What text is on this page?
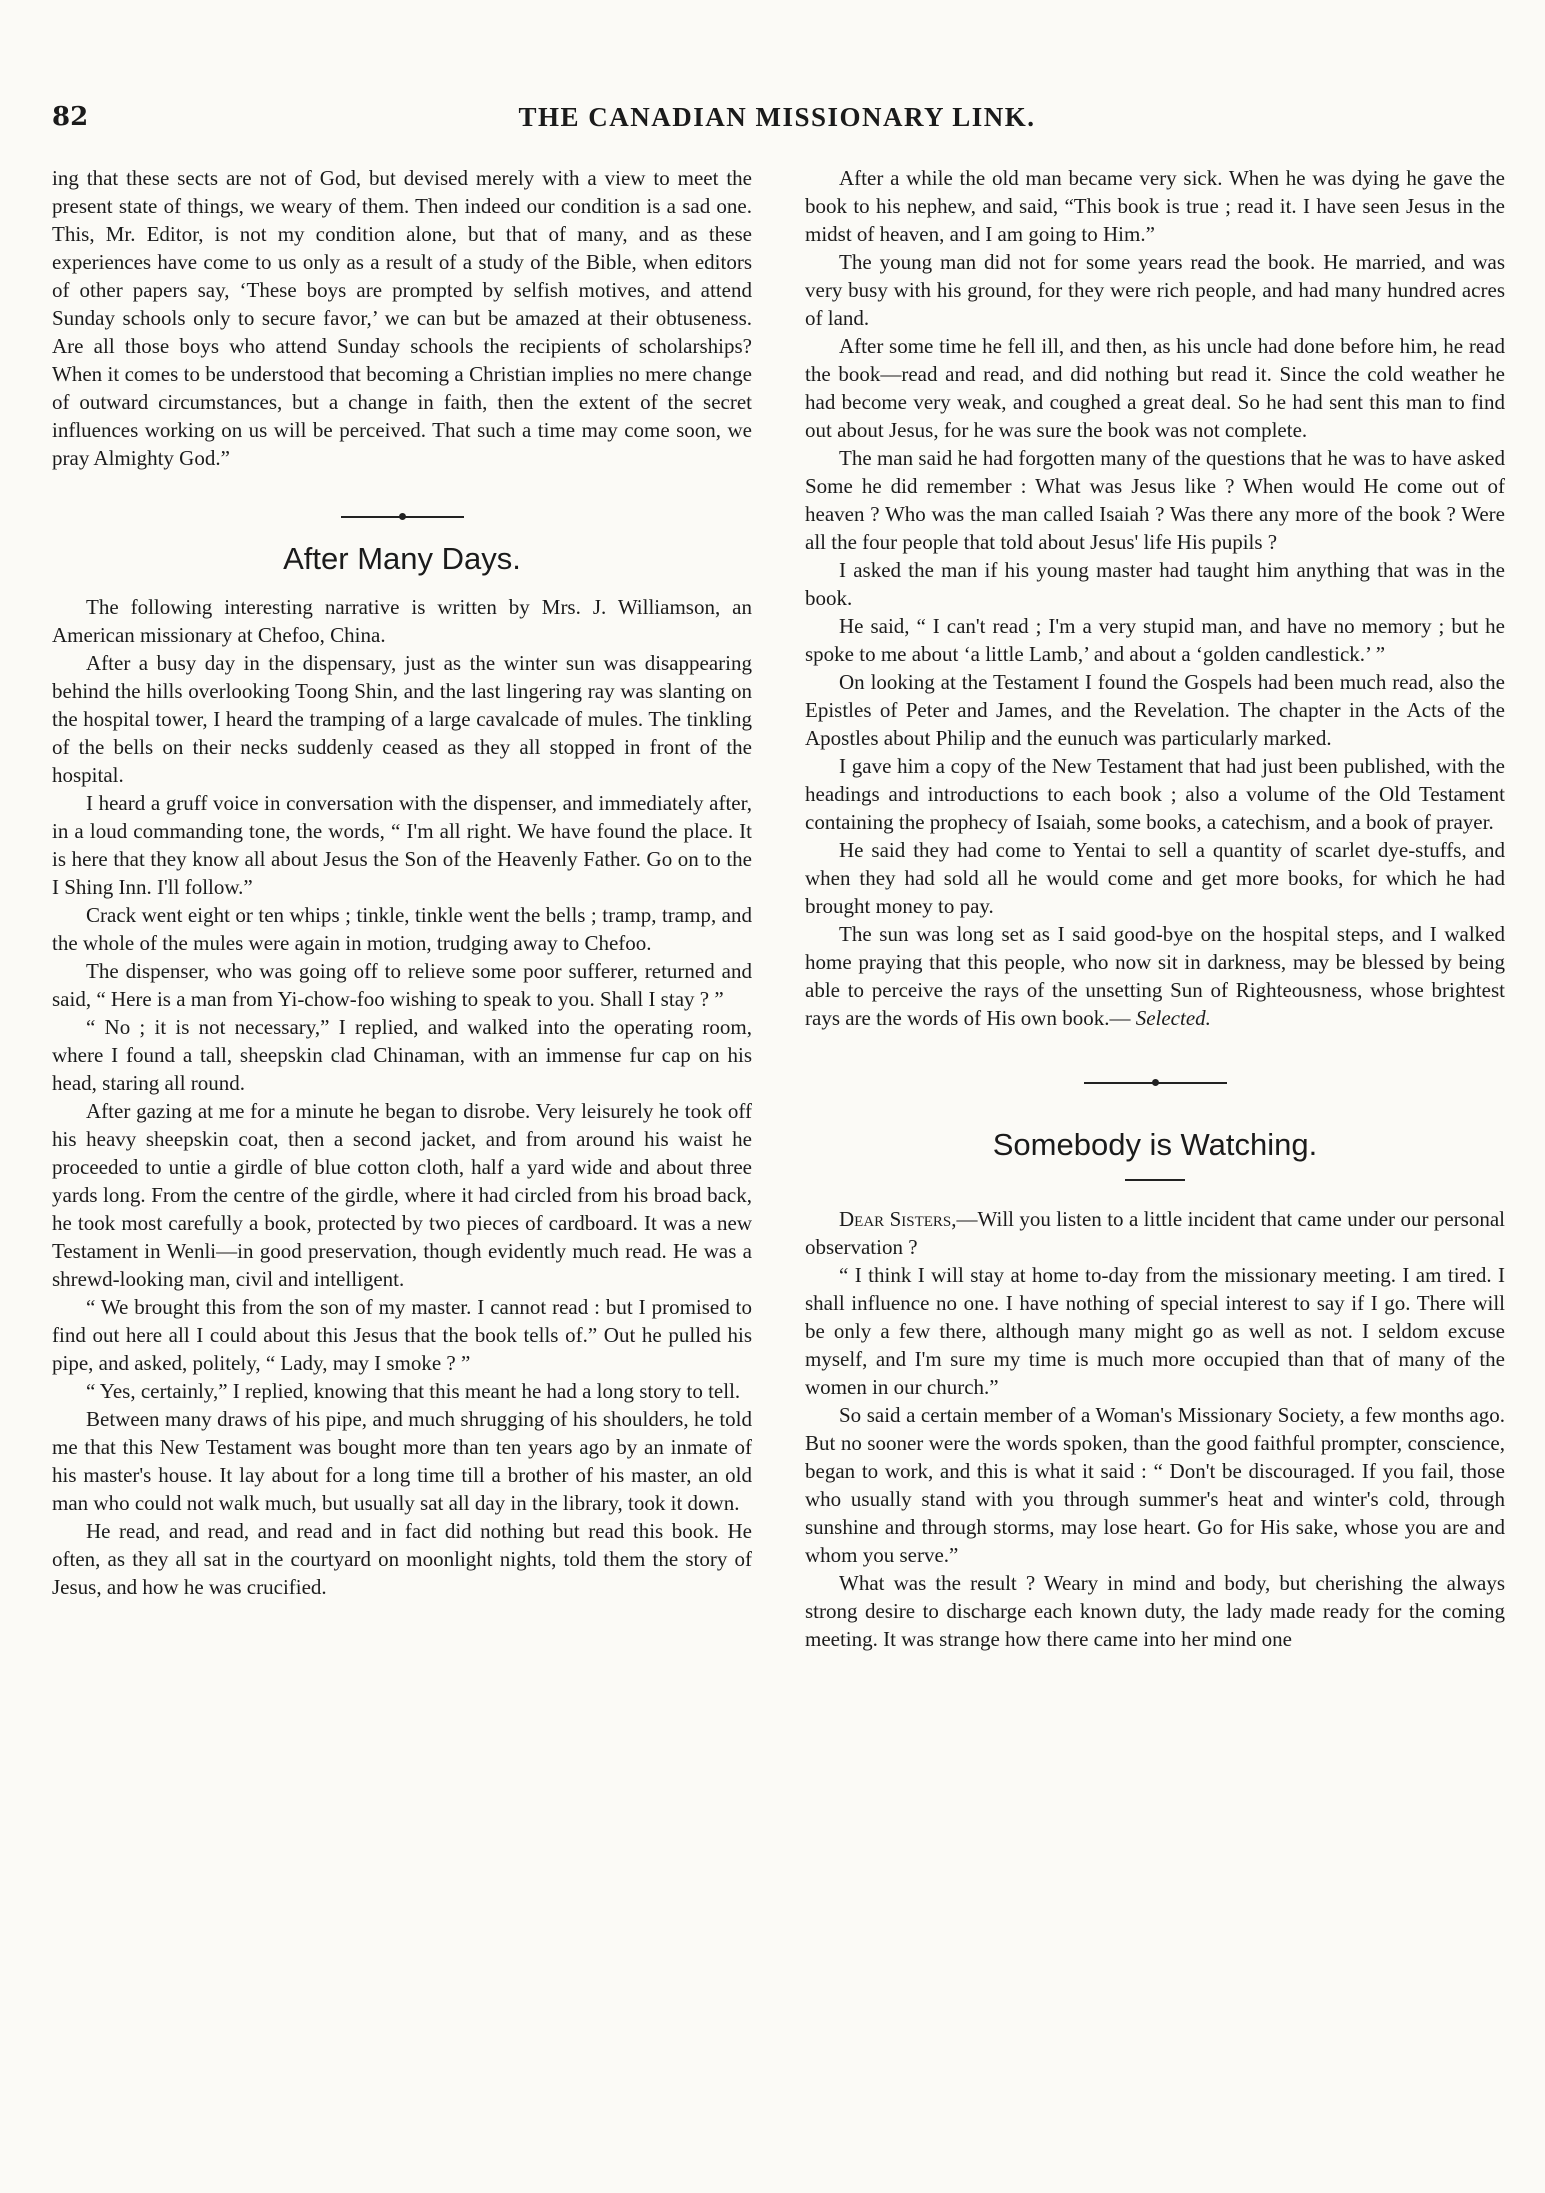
82	THE CANADIAN MISSIONARY LINK.

ing that these sects are not of God, but devised merely with a view to meet the present state of things, we weary of them. Then indeed our condition is a sad one. This, Mr. Editor, is not my condition alone, but that of many, and as these experiences have come to us only as a result of a study of the Bible, when editors of other papers say, ‘These boys are prompted by selfish motives, and attend Sunday schools only to secure favor,’ we can but be amazed at their obtuseness. Are all those boys who attend Sunday schools the recipients of scholarships? When it comes to be understood that becoming a Christian implies no mere change of outward circumstances, but a change in faith, then the extent of the secret influences working on us will be perceived. That such a time may come soon, we pray Almighty God.”

After Many Days.

The following interesting narrative is written by Mrs. J. Williamson, an American missionary at Chefoo, China.

After a busy day in the dispensary, just as the winter sun was disappearing behind the hills overlooking Toong Shin, and the last lingering ray was slanting on the hospital tower, I heard the tramping of a large cavalcade of mules. The tinkling of the bells on their necks suddenly ceased as they all stopped in front of the hospital.

I heard a gruff voice in conversation with the dispenser, and immediately after, in a loud commanding tone, the words, “ I'm all right. We have found the place. It is here that they know all about Jesus the Son of the Heavenly Father. Go on to the I Shing Inn. I'll follow.”

Crack went eight or ten whips ; tinkle, tinkle went the bells ; tramp, tramp, and the whole of the mules were again in motion, trudging away to Chefoo.

The dispenser, who was going off to relieve some poor sufferer, returned and said, “ Here is a man from Yi-chow-foo wishing to speak to you. Shall I stay ? ”

“ No ; it is not necessary,” I replied, and walked into the operating room, where I found a tall, sheepskin clad Chinaman, with an immense fur cap on his head, staring all round.

After gazing at me for a minute he began to disrobe. Very leisurely he took off his heavy sheepskin coat, then a second jacket, and from around his waist he proceeded to untie a girdle of blue cotton cloth, half a yard wide and about three yards long. From the centre of the girdle, where it had circled from his broad back, he took most carefully a book, protected by two pieces of cardboard. It was a new Testament in Wenli—in good preservation, though evidently much read. He was a shrewd-looking man, civil and intelligent.

“ We brought this from the son of my master. I cannot read : but I promised to find out here all I could about this Jesus that the book tells of.” Out he pulled his pipe, and asked, politely, “ Lady, may I smoke ? ”

“ Yes, certainly,” I replied, knowing that this meant he had a long story to tell.

Between many draws of his pipe, and much shrugging of his shoulders, he told me that this New Testament was bought more than ten years ago by an inmate of his master's house. It lay about for a long time till a brother of his master, an old man who could not walk much, but usually sat all day in the library, took it down.

He read, and read, and read and in fact did nothing but read this book. He often, as they all sat in the courtyard on moonlight nights, told them the story of Jesus, and how he was crucified.

After a while the old man became very sick. When he was dying he gave the book to his nephew, and said, “This book is true ; read it. I have seen Jesus in the midst of heaven, and I am going to Him.”

The young man did not for some years read the book. He married, and was very busy with his ground, for they were rich people, and had many hundred acres of land.

After some time he fell ill, and then, as his uncle had done before him, he read the book—read and read, and did nothing but read it. Since the cold weather he had become very weak, and coughed a great deal. So he had sent this man to find out about Jesus, for he was sure the book was not complete.

The man said he had forgotten many of the questions that he was to have asked Some he did remember : What was Jesus like ? When would He come out of heaven ? Who was the man called Isaiah ? Was there any more of the book ? Were all the four people that told about Jesus' life His pupils ?

I asked the man if his young master had taught him anything that was in the book.

He said, “ I can't read ; I'm a very stupid man, and have no memory ; but he spoke to me about ‘a little Lamb,’ and about a ‘golden candlestick.’ ”

On looking at the Testament I found the Gospels had been much read, also the Epistles of Peter and James, and the Revelation. The chapter in the Acts of the Apostles about Philip and the eunuch was particularly marked.

I gave him a copy of the New Testament that had just been published, with the headings and introductions to each book ; also a volume of the Old Testament containing the prophecy of Isaiah, some books, a catechism, and a book of prayer.

He said they had come to Yentai to sell a quantity of scarlet dye-stuffs, and when they had sold all he would come and get more books, for which he had brought money to pay.

The sun was long set as I said good-bye on the hospital steps, and I walked home praying that this people, who now sit in darkness, may be blessed by being able to perceive the rays of the unsetting Sun of Righteousness, whose brightest rays are the words of His own book.— Selected.

Somebody is Watching.

Dear Sisters,—Will you listen to a little incident that came under our personal observation ?

“ I think I will stay at home to-day from the missionary meeting. I am tired. I shall influence no one. I have nothing of special interest to say if I go. There will be only a few there, although many might go as well as not. I seldom excuse myself, and I'm sure my time is much more occupied than that of many of the women in our church.”

So said a certain member of a Woman's Missionary Society, a few months ago. But no sooner were the words spoken, than the good faithful prompter, conscience, began to work, and this is what it said : “ Don't be discouraged. If you fail, those who usually stand with you through summer's heat and winter's cold, through sunshine and through storms, may lose heart. Go for His sake, whose you are and whom you serve.”

What was the result ? Weary in mind and body, but cherishing the always strong desire to discharge each known duty, the lady made ready for the coming meeting. It was strange how there came into her mind one
